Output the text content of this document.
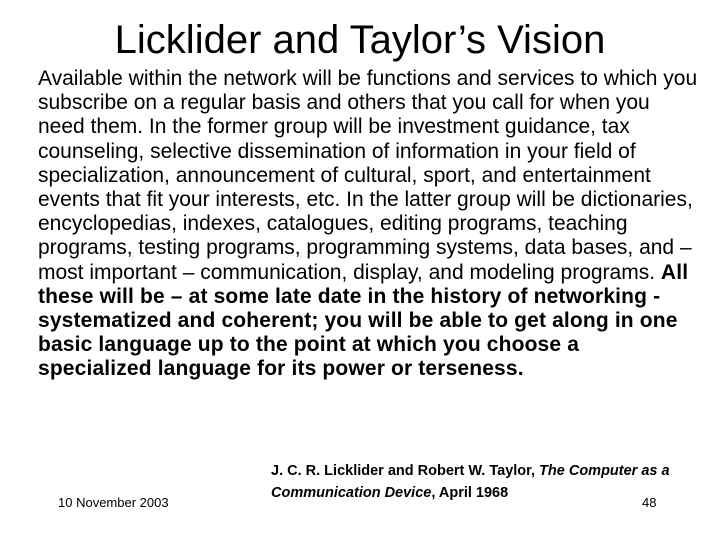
Licklider and Taylor’s Vision

Available within the network will be functions and services to which you subscribe on a regular basis and others that you call for when you need them. In the former group will be investment guidance, tax counseling, selective dissemination of information in your field of specialization, announcement of cultural, sport, and entertainment events that fit your interests, etc. In the latter group will be dictionaries, encyclopedias, indexes, catalogues, editing programs, teaching programs, testing programs, programming systems, data bases, and – most important – communication, display, and modeling programs. All these will be – at some late date in the history of networking - systematized and coherent; you will be able to get along in one basic language up to the point at which you choose a specialized language for its power or terseness.

10 November 2003
J. C. R. Licklider and Robert W. Taylor, The Computer as a Communication Device, April 1968
48
